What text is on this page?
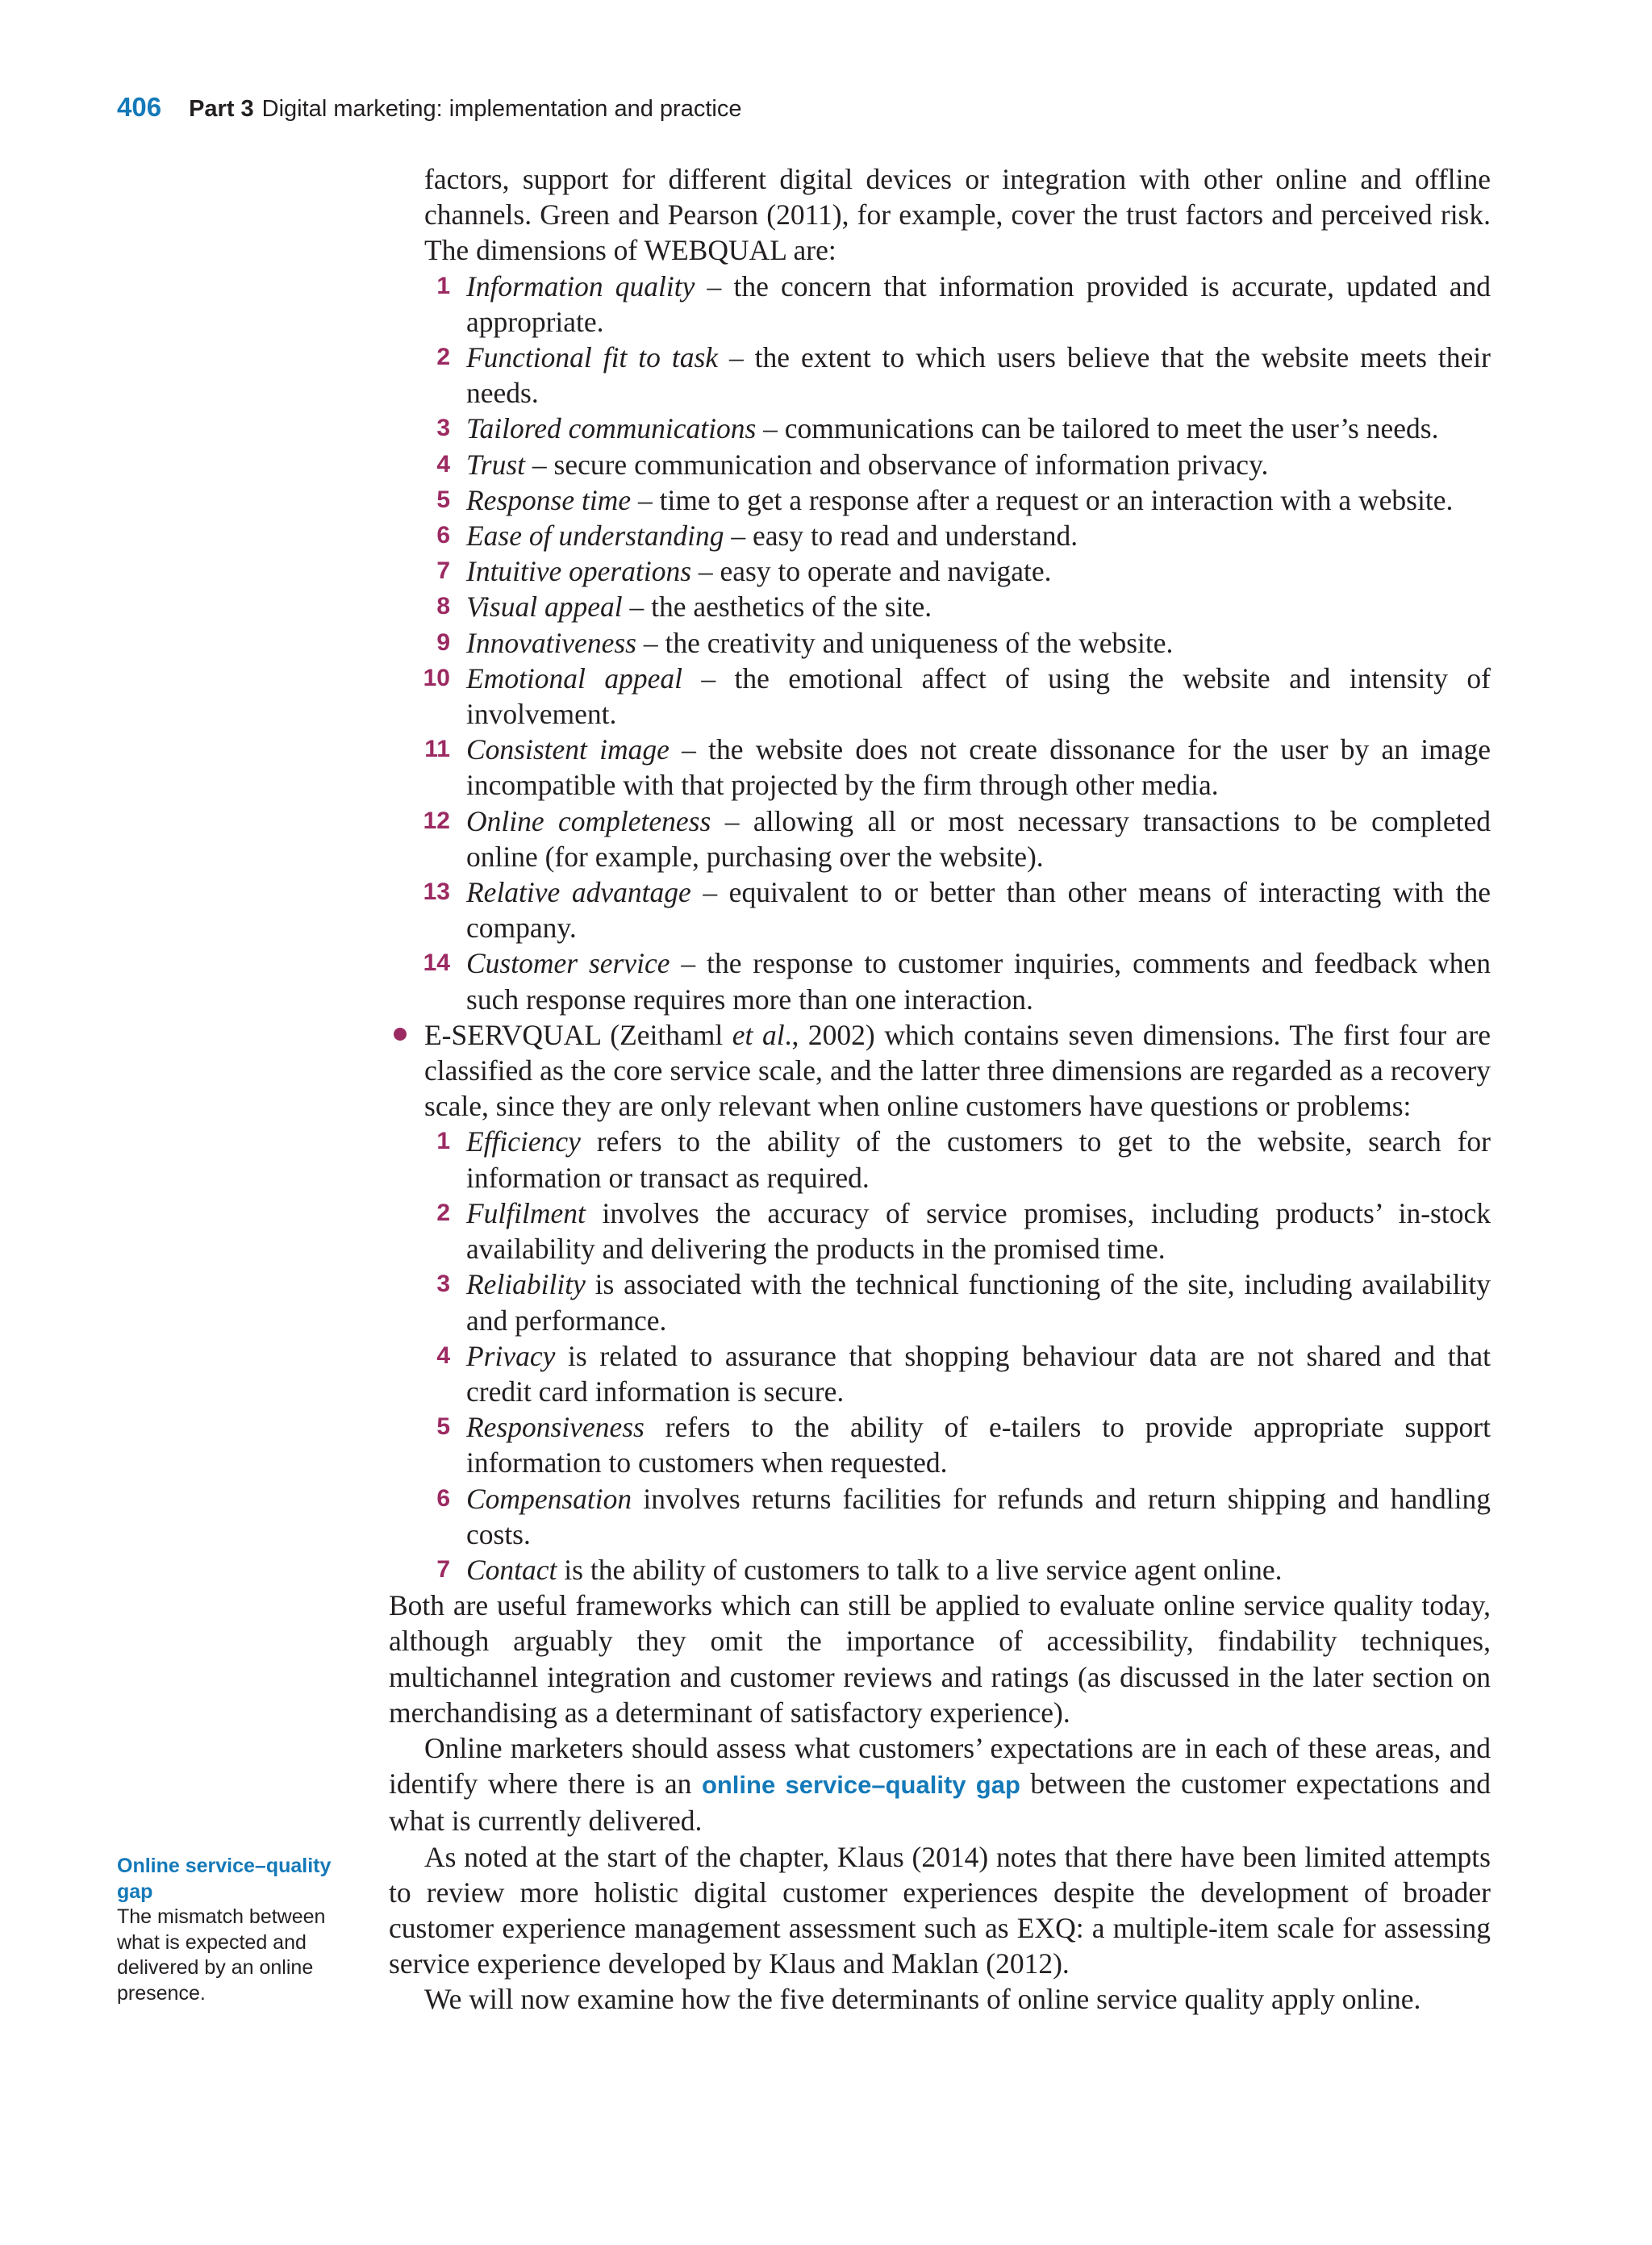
406 Part 3 Digital marketing: implementation and practice

factors, support for different digital devices or integration with other online and offline channels. Green and Pearson (2011), for example, cover the trust factors and perceived risk. The dimensions of WEBQUAL are:

1 Information quality – the concern that information provided is accurate, updated and appropriate.
2 Functional fit to task – the extent to which users believe that the website meets their needs.
3 Tailored communications – communications can be tailored to meet the user’s needs.
4 Trust – secure communication and observance of information privacy.
5 Response time – time to get a response after a request or an interaction with a website.
6 Ease of understanding – easy to read and understand.
7 Intuitive operations – easy to operate and navigate.
8 Visual appeal – the aesthetics of the site.
9 Innovativeness – the creativity and uniqueness of the website.
10 Emotional appeal – the emotional affect of using the website and intensity of involvement.
11 Consistent image – the website does not create dissonance for the user by an image incompatible with that projected by the firm through other media.
12 Online completeness – allowing all or most necessary transactions to be completed online (for example, purchasing over the website).
13 Relative advantage – equivalent to or better than other means of interacting with the company.
14 Customer service – the response to customer inquiries, comments and feedback when such response requires more than one interaction.
E-SERVQUAL (Zeithaml et al., 2002) which contains seven dimensions. The first four are classified as the core service scale, and the latter three dimensions are regarded as a recovery scale, since they are only relevant when online customers have questions or problems:
1 Efficiency refers to the ability of the customers to get to the website, search for information or transact as required.
2 Fulfilment involves the accuracy of service promises, including products’ in-stock availability and delivering the products in the promised time.
3 Reliability is associated with the technical functioning of the site, including availability and performance.
4 Privacy is related to assurance that shopping behaviour data are not shared and that credit card information is secure.
5 Responsiveness refers to the ability of e-tailers to provide appropriate support information to customers when requested.
6 Compensation involves returns facilities for refunds and return shipping and handling costs.
7 Contact is the ability of customers to talk to a live service agent online.

Both are useful frameworks which can still be applied to evaluate online service quality today, although arguably they omit the importance of accessibility, findability techniques, multichannel integration and customer reviews and ratings (as discussed in the later section on merchandising as a determinant of satisfactory experience).

Online marketers should assess what customers’ expectations are in each of these areas, and identify where there is an online service–quality gap between the customer expectations and what is currently delivered.

As noted at the start of the chapter, Klaus (2014) notes that there have been limited attempts to review more holistic digital customer experiences despite the development of broader customer experience management assessment such as EXQ: a multiple-item scale for assessing service experience developed by Klaus and Maklan (2012).

We will now examine how the five determinants of online service quality apply online.

Online service–quality gap
The mismatch between what is expected and delivered by an online presence.
